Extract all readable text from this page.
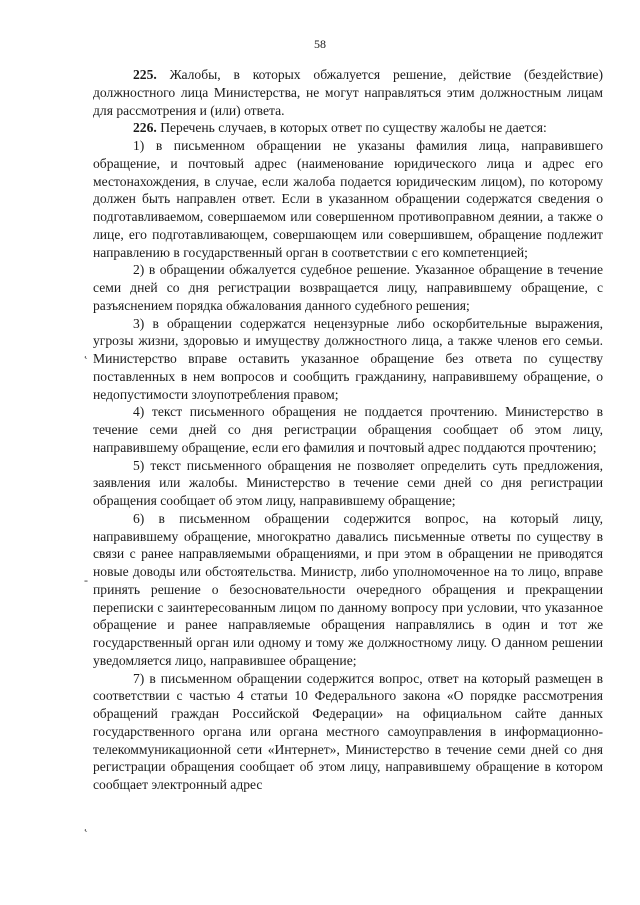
58

225. Жалобы, в которых обжалуется решение, действие (бездействие) должностного лица Министерства, не могут направляться этим должностным лицам для рассмотрения и (или) ответа.

226. Перечень случаев, в которых ответ по существу жалобы не дается:

1) в письменном обращении не указаны фамилия лица, направившего обращение, и почтовый адрес (наименование юридического лица и адрес его местонахождения, в случае, если жалоба подается юридическим лицом), по которому должен быть направлен ответ. Если в указанном обращении содержатся сведения о подготавливаемом, совершаемом или совершенном противоправном деянии, а также о лице, его подготавливающем, совершающем или совершившем, обращение подлежит направлению в государственный орган в соответствии с его компетенцией;

2) в обращении обжалуется судебное решение. Указанное обращение в течение семи дней со дня регистрации возвращается лицу, направившему обращение, с разъяснением порядка обжалования данного судебного решения;

3) в обращении содержатся нецензурные либо оскорбительные выражения, угрозы жизни, здоровью и имуществу должностного лица, а также членов его семьи. Министерство вправе оставить указанное обращение без ответа по существу поставленных в нем вопросов и сообщить гражданину, направившему обращение, о недопустимости злоупотребления правом;

4) текст письменного обращения не поддается прочтению. Министерство в течение семи дней со дня регистрации обращения сообщает об этом лицу, направившему обращение, если его фамилия и почтовый адрес поддаются прочтению;

5) текст письменного обращения не позволяет определить суть предложения, заявления или жалобы. Министерство в течение семи дней со дня регистрации обращения сообщает об этом лицу, направившему обращение;

6) в письменном обращении содержится вопрос, на который лицу, направившему обращение, многократно давались письменные ответы по существу в связи с ранее направляемыми обращениями, и при этом в обращении не приводятся новые доводы или обстоятельства. Министр, либо уполномоченное на то лицо, вправе принять решение о безосновательности очередного обращения и прекращении переписки с заинтересованным лицом по данному вопросу при условии, что указанное обращение и ранее направляемые обращения направлялись в один и тот же государственный орган или одному и тому же должностному лицу. О данном решении уведомляется лицо, направившее обращение;

7) в письменном обращении содержится вопрос, ответ на который размещен в соответствии с частью 4 статьи 10 Федерального закона «О порядке рассмотрения обращений граждан Российской Федерации» на официальном сайте данных государственного органа или органа местного самоуправления в информационно-телекоммуникационной сети «Интернет», Министерство в течение семи дней со дня регистрации обращения сообщает об этом лицу, направившему обращение в котором сообщает электронный адрес

˛
-
˛
